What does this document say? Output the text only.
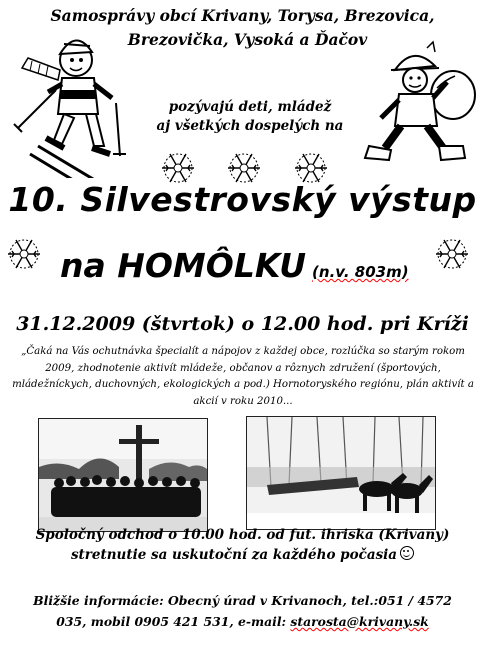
Samosprávy obcí Krivany, Torysa, Brezovica,
Brezovička, Vysoká a Ďačov
pozývajú deti, mládež
aj všetkých dospelých na
10. Silvestrovský výstup
na HOMÔLKU (n.v. 803m)
31.12.2009 (štvrtok) o 12.00 hod. pri Kríži
„Čaká na Vás ochutnávka špecialít a nápojov z každej obce, rozlúčka so starým rokom 2009, zhodnotenie aktivít mládeže, občanov a rôznych združení (športových, mládežníckych, duchovných, ekologických a pod.) Hornotoryského regiónu, plán aktivít a akcií v roku 2010...
Spoločný odchod o 10.00 hod. od fut. ihriska (Krivany)
stretnutie sa uskutoční za každého počasia
Bližšie informácie: Obecný úrad v Krivanoch, tel.:051 / 4572
035, mobil 0905 421 531, e-mail: starosta@krivany.sk
